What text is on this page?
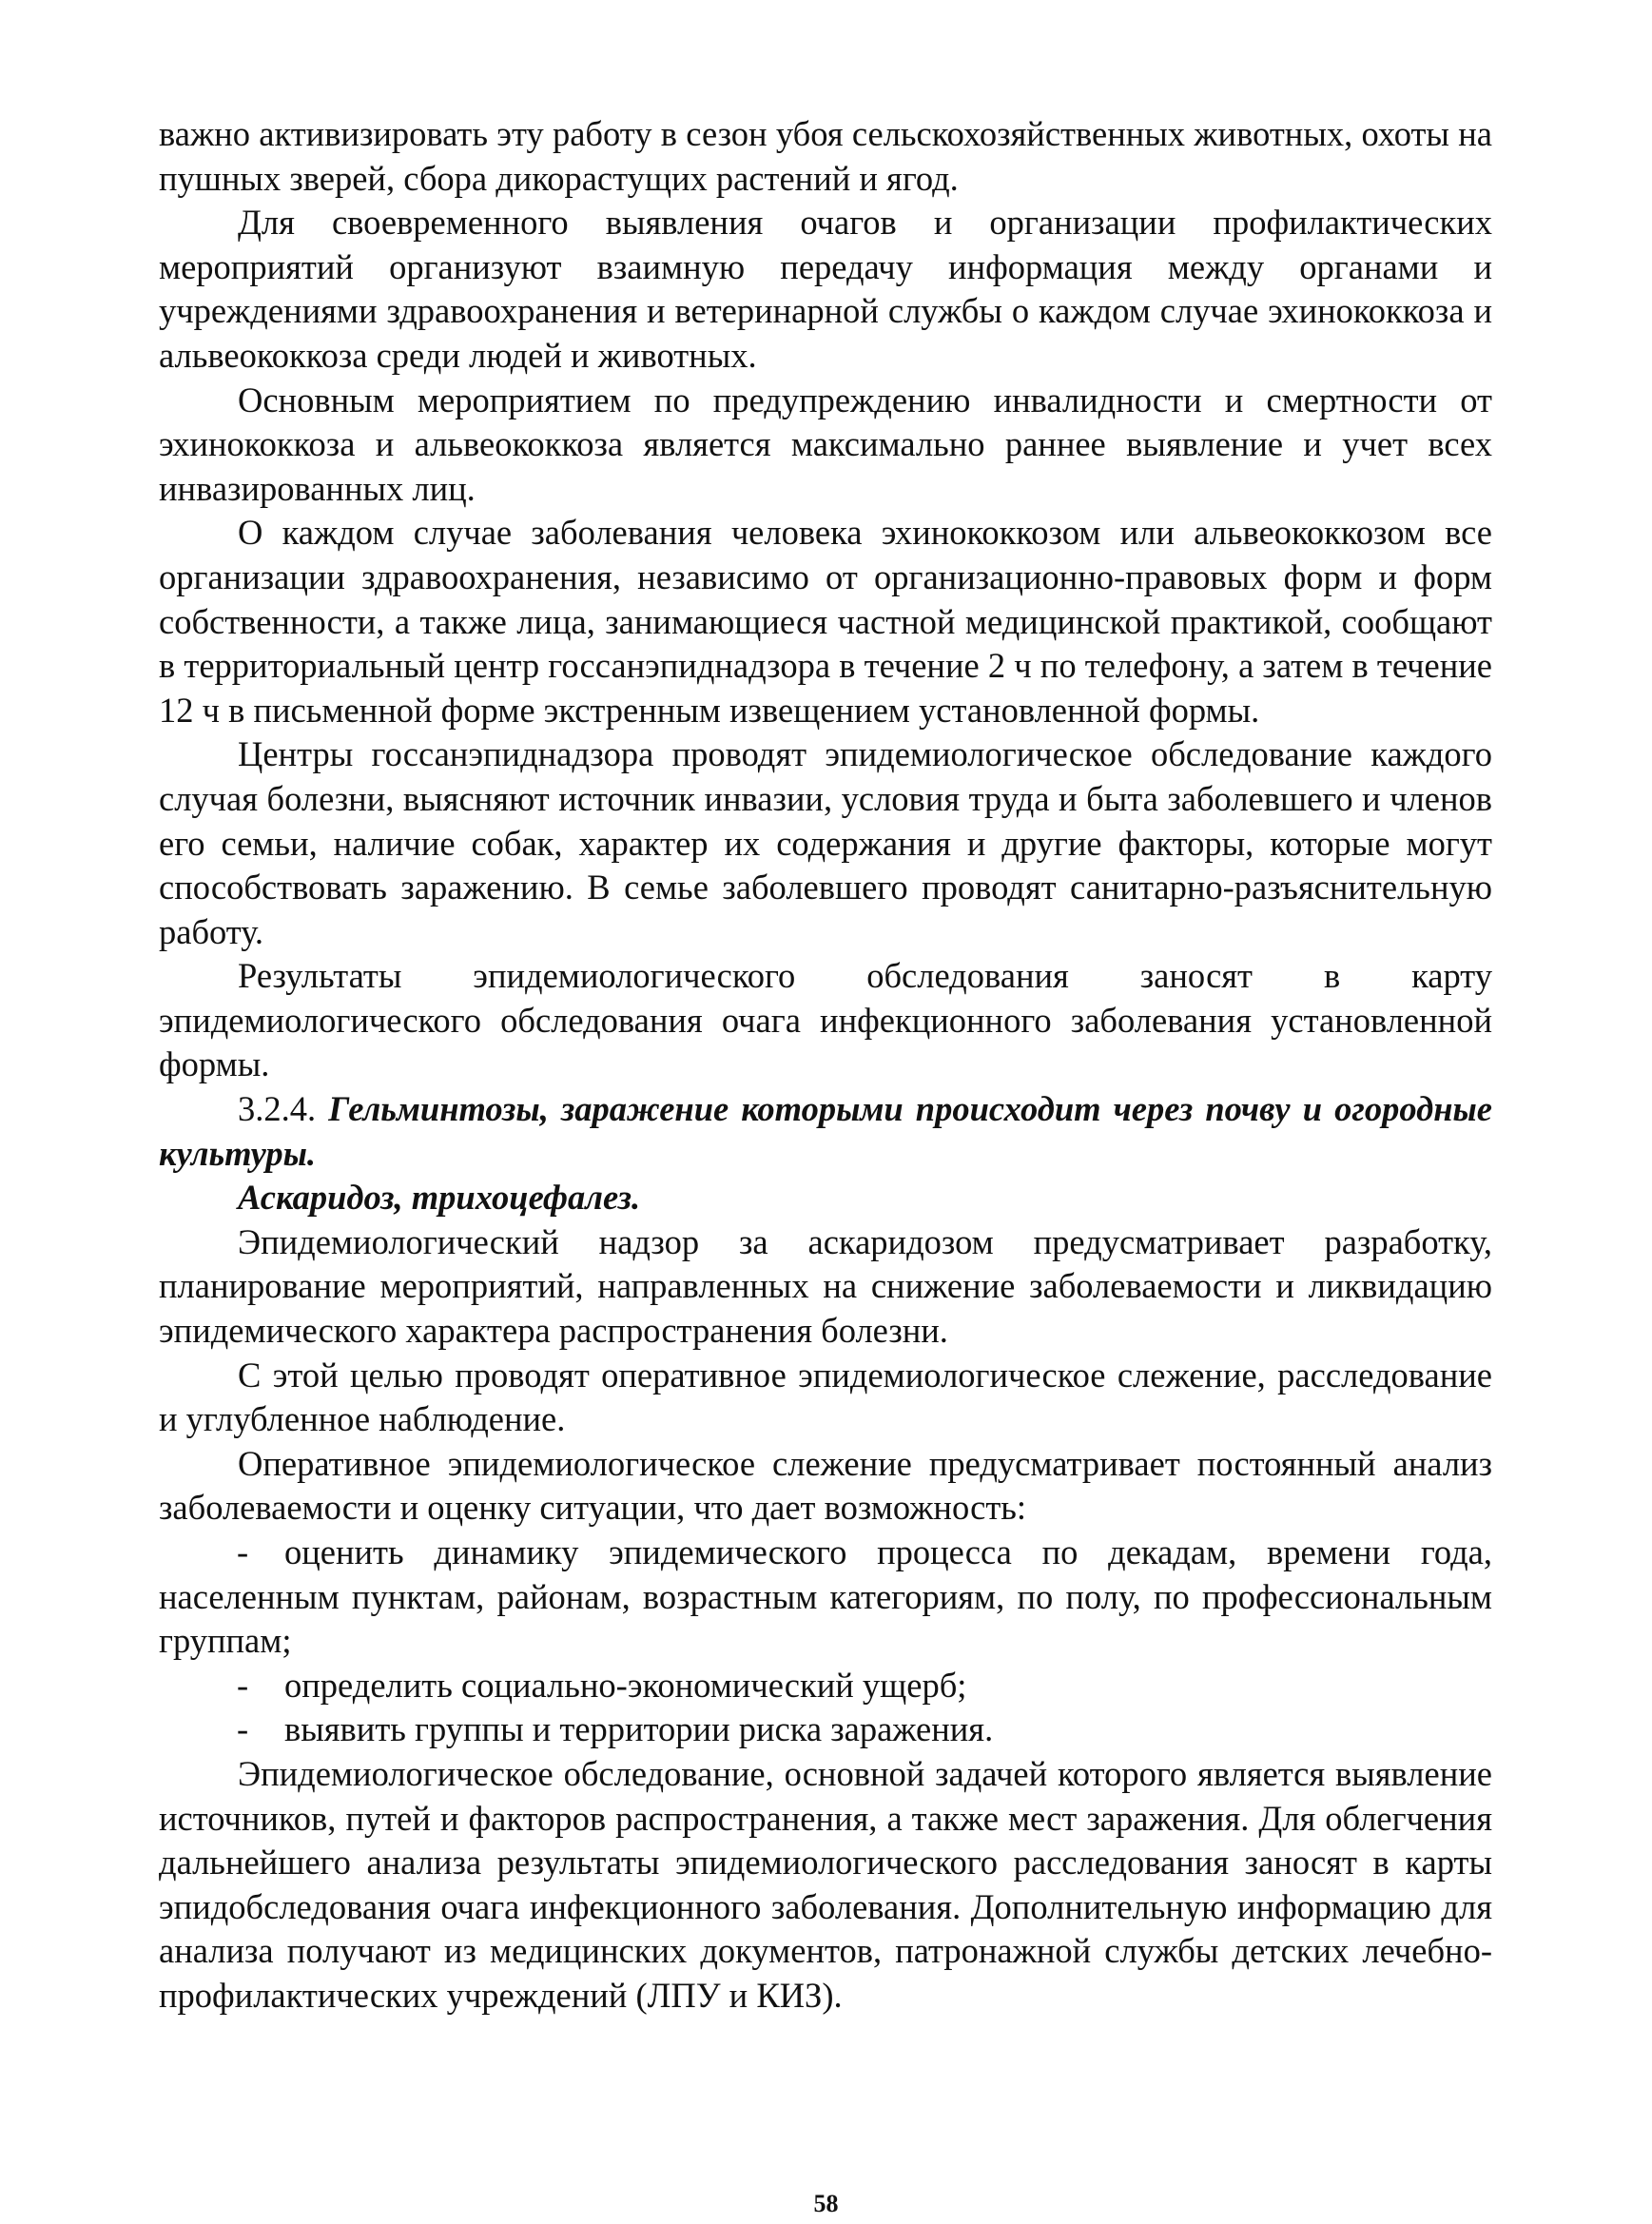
важно активизировать эту работу в сезон убоя сельскохозяйственных животных, охоты на пушных зверей, сбора дикорастущих растений и ягод.

Для своевременного выявления очагов и организации профилактических мероприятий организуют взаимную передачу информация между органами и учреждениями здравоохранения и ветеринарной службы о каждом случае эхинококкоза и альвеококкоза среди людей и животных.

Основным мероприятием по предупреждению инвалидности и смертности от эхинококкоза и альвеококкоза является максимально раннее выявление и учет всех инвазированных лиц.

О каждом случае заболевания человека эхинококкозом или альвеококкозом все организации здравоохранения, независимо от организационно-правовых форм и форм собственности, а также лица, занимающиеся частной медицинской практикой, сообщают в территориальный центр госсанэпиднадзора в течение 2 ч по телефону, а затем в течение 12 ч в письменной форме экстренным извещением установленной формы.

Центры госсанэпиднадзора проводят эпидемиологическое обследование каждого случая болезни, выясняют источник инвазии, условия труда и быта заболевшего и членов его семьи, наличие собак, характер их содержания и другие факторы, которые могут способствовать заражению. В семье заболевшего проводят санитарно-разъяснительную работу.

Результаты эпидемиологического обследования заносят в карту эпидемиологического обследования очага инфекционного заболевания установленной формы.

3.2.4. Гельминтозы, заражение которыми происходит через почву и огородные культуры.

Аскаридоз, трихоцефалез.

Эпидемиологический надзор за аскаридозом предусматривает разработку, планирование мероприятий, направленных на снижение заболеваемости и ликвидацию эпидемического характера распространения болезни.

С этой целью проводят оперативное эпидемиологическое слежение, расследование и углубленное наблюдение.

Оперативное эпидемиологическое слежение предусматривает постоянный анализ заболеваемости и оценку ситуации, что дает возможность:

- оценить динамику эпидемического процесса по декадам, времени года, населенным пунктам, районам, возрастным категориям, по полу, по профессиональным группам;

- определить социально-экономический ущерб;

- выявить группы и территории риска заражения.

Эпидемиологическое обследование, основной задачей которого является выявление источников, путей и факторов распространения, а также мест заражения. Для облегчения дальнейшего анализа результаты эпидемиологического расследования заносят в карты эпидобследования очага инфекционного заболевания. Дополнительную информацию для анализа получают из медицинских документов, патронажной службы детских лечебно-профилактических учреждений (ЛПУ и КИЗ).

58
